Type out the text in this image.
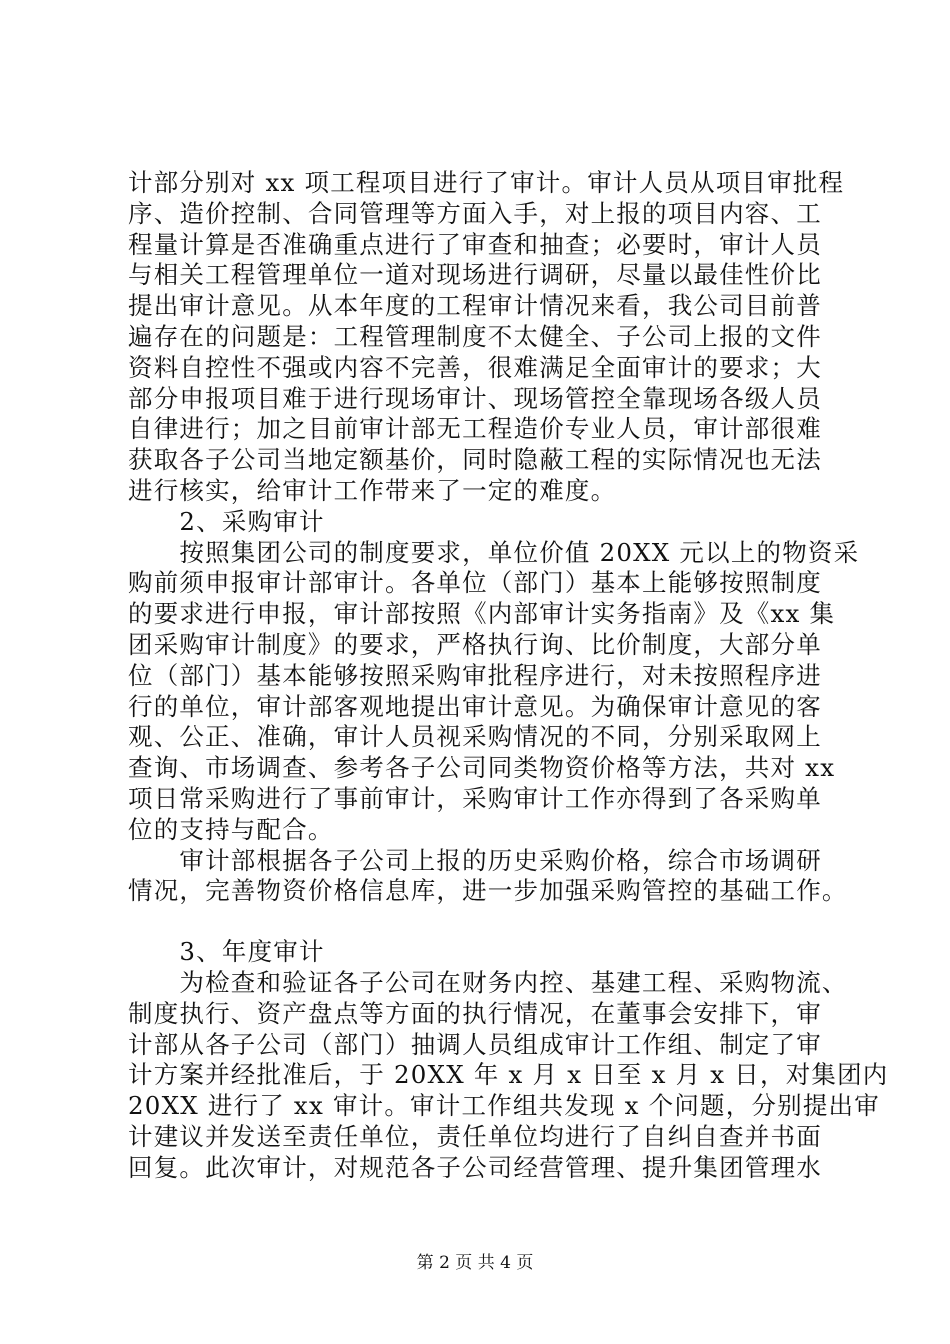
计部分别对 xx 项工程项目进行了审计。审计人员从项目审批程
序、造价控制、合同管理等方面入手，对上报的项目内容、工
程量计算是否准确重点进行了审查和抽查；必要时，审计人员
与相关工程管理单位一道对现场进行调研，尽量以最佳性价比
提出审计意见。从本年度的工程审计情况来看，我公司目前普
遍存在的问题是：工程管理制度不太健全、子公司上报的文件
资料自控性不强或内容不完善，很难满足全面审计的要求；大
部分申报项目难于进行现场审计、现场管控全靠现场各级人员
自律进行；加之目前审计部无工程造价专业人员，审计部很难
获取各子公司当地定额基价，同时隐蔽工程的实际情况也无法
进行核实，给审计工作带来了一定的难度。
　　2、采购审计
　　按照集团公司的制度要求，单位价值 20XX 元以上的物资采
购前须申报审计部审计。各单位（部门）基本上能够按照制度
的要求进行申报，审计部按照《内部审计实务指南》及《xx 集
团采购审计制度》的要求，严格执行询、比价制度，大部分单
位（部门）基本能够按照采购审批程序进行，对未按照程序进
行的单位，审计部客观地提出审计意见。为确保审计意见的客
观、公正、准确，审计人员视采购情况的不同，分别采取网上
查询、市场调查、参考各子公司同类物资价格等方法，共对 xx
项日常采购进行了事前审计，采购审计工作亦得到了各采购单
位的支持与配合。
　　审计部根据各子公司上报的历史采购价格，综合市场调研
情况，完善物资价格信息库，进一步加强采购管控的基础工作。
　　3、年度审计
　　为检查和验证各子公司在财务内控、基建工程、采购物流、
制度执行、资产盘点等方面的执行情况，在董事会安排下，审
计部从各子公司（部门）抽调人员组成审计工作组、制定了审
计方案并经批准后，于 20XX 年 x 月 x 日至 x 月 x 日，对集团内
20XX 进行了 xx 审计。审计工作组共发现 x 个问题，分别提出审
计建议并发送至责任单位，责任单位均进行了自纠自查并书面
回复。此次审计，对规范各子公司经营管理、提升集团管理水
第 2 页 共 4 页
